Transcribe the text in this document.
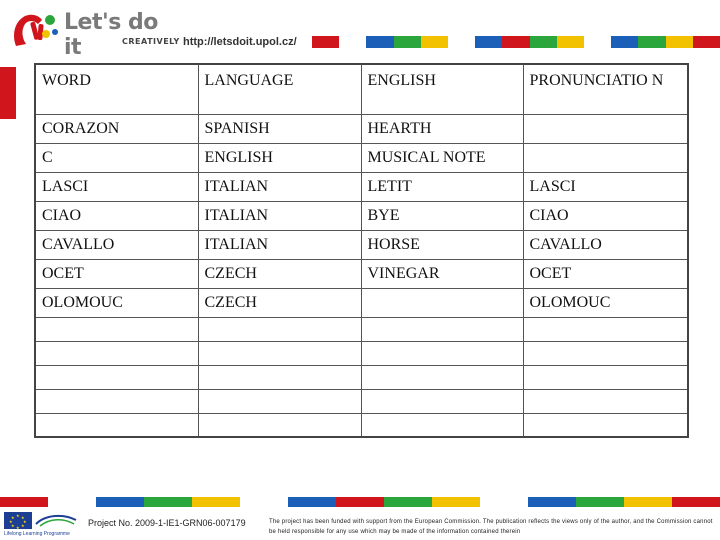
Let's do it	CREATIVELY http://letsdoit.upol.cz/
WORD	LANGUAGE	ENGLISH	PRONUNCIATIO N
CORAZON	SPANISH	HEARTH	
C	ENGLISH	MUSICAL NOTE	
LASCI	ITALIAN	LETIT	LASCI
CIAO	ITALIAN	BYE	CIAO
CAVALLO	ITALIAN	HORSE	CAVALLO
OCET	CZECH	VINEGAR	OCET
OLOMOUC	CZECH		OLOMOUC

★ ★
★
★
★
★
★
★
Lifelong Learning Programme
Project No. 2009-1-IE1-GRN06-007179	The project has been funded with support from the European Commission. The publication reflects the views only of the author, and the Commission cannot be held responsible for any use which may be made of the information contained therein
